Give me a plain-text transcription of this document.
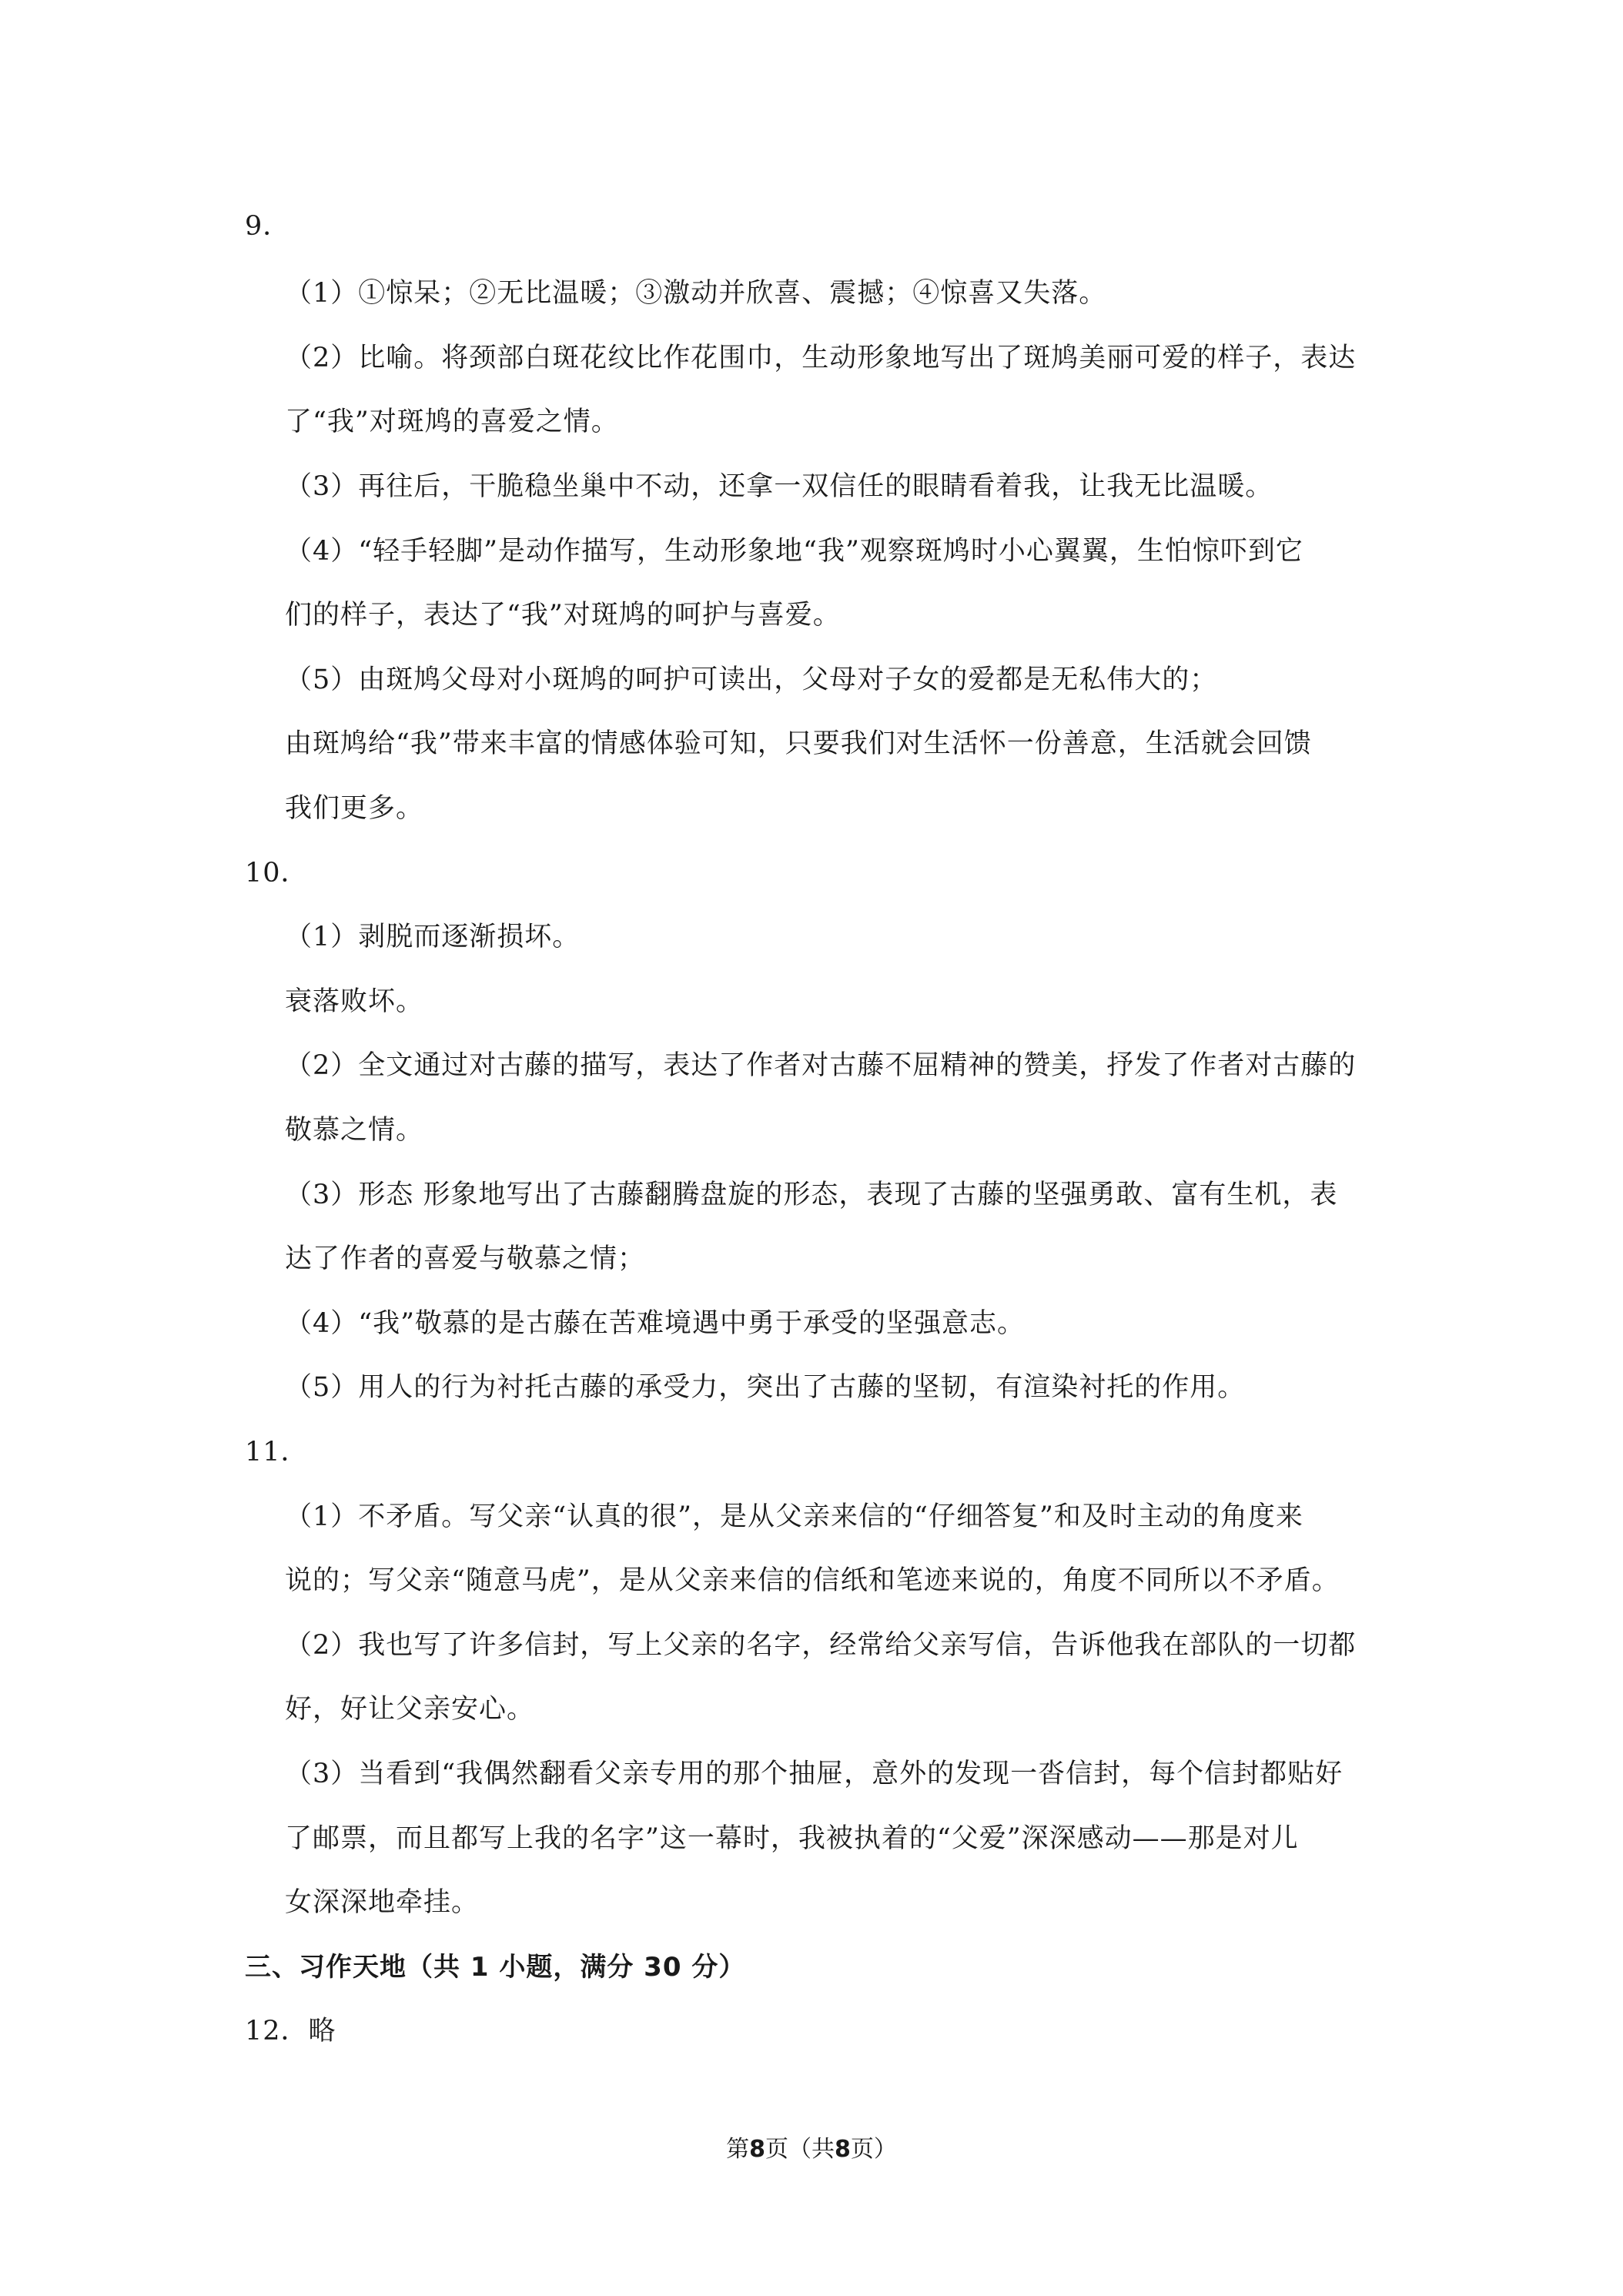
9．
（1）①惊呆；②无比温暖；③激动并欣喜、震撼；④惊喜又失落。
（2）比喻。将颈部白斑花纹比作花围巾，生动形象地写出了斑鸠美丽可爱的样子，表达
了“我”对斑鸠的喜爱之情。
（3）再往后，干脆稳坐巢中不动，还拿一双信任的眼睛看着我，让我无比温暖。
（4）“轻手轻脚”是动作描写，生动形象地“我”观察斑鸠时小心翼翼，生怕惊吓到它
们的样子，表达了“我”对斑鸠的呵护与喜爱。
（5）由斑鸠父母对小斑鸠的呵护可读出，父母对子女的爱都是无私伟大的；
由斑鸠给“我”带来丰富的情感体验可知，只要我们对生活怀一份善意，生活就会回馈
我们更多。
10．
（1）剥脱而逐渐损坏。
衰落败坏。
（2）全文通过对古藤的描写，表达了作者对古藤不屈精神的赞美，抒发了作者对古藤的
敬慕之情。
（3）形态 形象地写出了古藤翻腾盘旋的形态，表现了古藤的坚强勇敢、富有生机，表
达了作者的喜爱与敬慕之情；
（4）“我”敬慕的是古藤在苦难境遇中勇于承受的坚强意志。
（5）用人的行为衬托古藤的承受力，突出了古藤的坚韧，有渲染衬托的作用。
11．
（1）不矛盾。写父亲“认真的很”，是从父亲来信的“仔细答复”和及时主动的角度来
说的；写父亲“随意马虎”，是从父亲来信的信纸和笔迹来说的，角度不同所以不矛盾。
（2）我也写了许多信封，写上父亲的名字，经常给父亲写信，告诉他我在部队的一切都
好，好让父亲安心。
（3）当看到“我偶然翻看父亲专用的那个抽屉，意外的发现一沓信封，每个信封都贴好
了邮票，而且都写上我的名字”这一幕时，我被执着的“父爱”深深感动——那是对儿
女深深地牵挂。
三、习作天地（共 1 小题，满分 30 分）
12．略
第8页（共8页）
